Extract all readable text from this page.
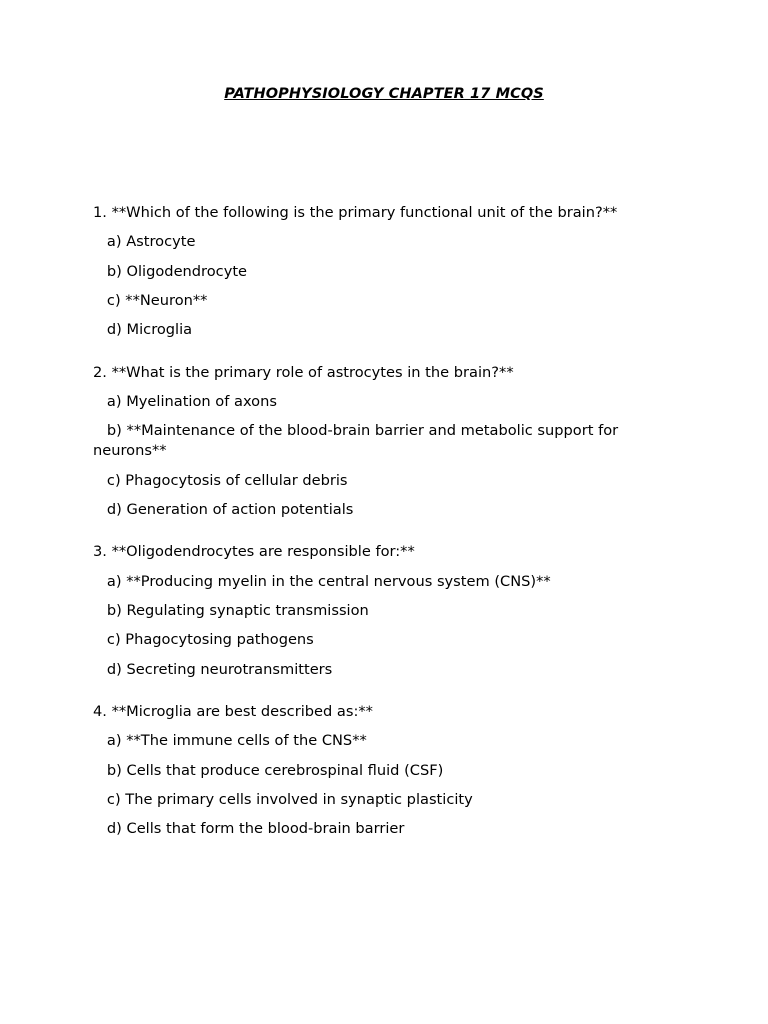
PATHOPHYSIOLOGY CHAPTER 17 MCQS
1. **Which of the following is the primary functional unit of the brain?**
a) Astrocyte
b) Oligodendrocyte
c) **Neuron**
d) Microglia
2. **What is the primary role of astrocytes in the brain?**
a) Myelination of axons
b) **Maintenance of the blood-brain barrier and metabolic support for neurons**
c) Phagocytosis of cellular debris
d) Generation of action potentials
3. **Oligodendrocytes are responsible for:**
a) **Producing myelin in the central nervous system (CNS)**
b) Regulating synaptic transmission
c) Phagocytosing pathogens
d) Secreting neurotransmitters
4. **Microglia are best described as:**
a) **The immune cells of the CNS**
b) Cells that produce cerebrospinal fluid (CSF)
c) The primary cells involved in synaptic plasticity
d) Cells that form the blood-brain barrier
